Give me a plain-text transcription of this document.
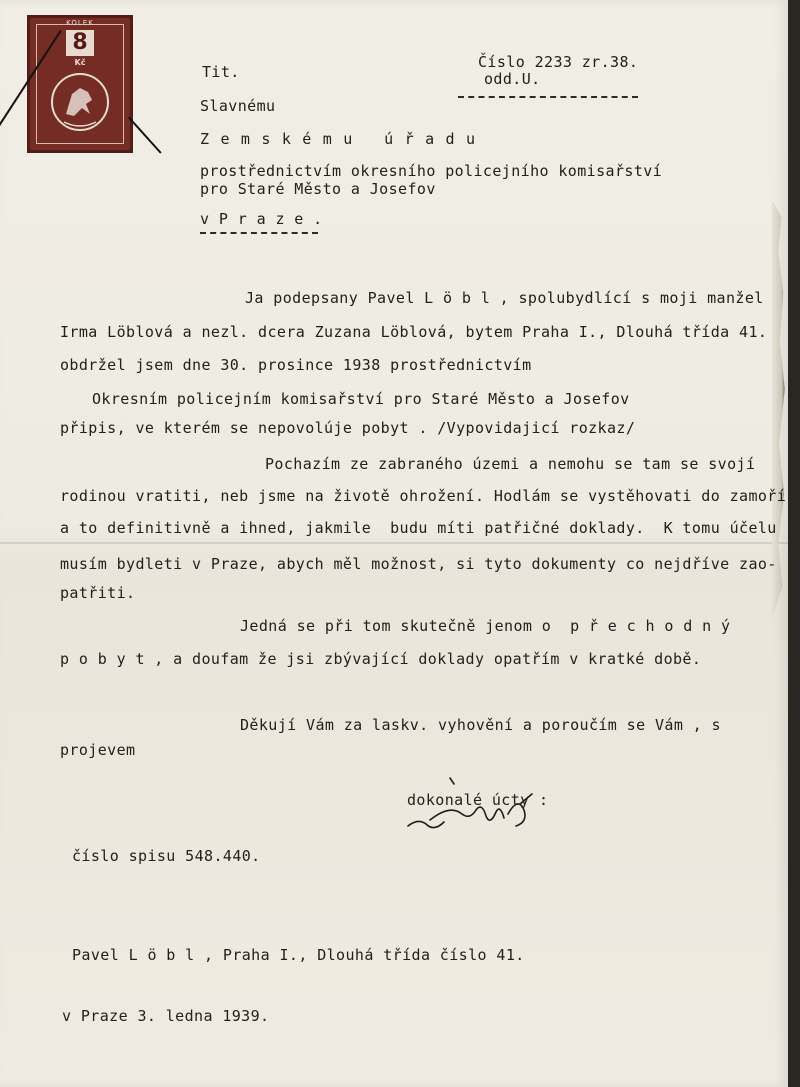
KOLEK
8
Kč	Číslo 2233 zr.38.
odd.U.
Tit.
Slavnému
Z e m s k é m u   ú ř a d u
prostřednictvím okresního policejního komisařství
pro Staré Město a Josefov
v P r a z e .
Ja podepsany Pavel L ö b l , spolubydlící s moji manžel
Irma Löblová a nezl. dcera Zuzana Löblová, bytem Praha I., Dlouhá třída 41.
obdržel jsem dne 30. prosince 1938 prostřednictvím
Okresním policejním komisařství pro Staré Město a Josefov
připis, ve kterém se nepovolúje pobyt . /Vypovidajicí rozkaz/
Pochazím ze zabraného územi a nemohu se tam se svojí
rodinou vratiti, neb jsme na životě ohrožení. Hodlám se vystěhovati do zamoří
a to definitivně a ihned, jakmile  budu míti patřičné doklady.  K tomu účelu
musím bydleti v Praze, abych měl možnost, si tyto dokumenty co nejdříve zao-
patřiti.
Jedná se při tom skutečně jenom o  p ř e c h o d n ý
p o b y t , a doufam že jsi zbývající doklady opatřím v kratké době.
Děkují Vám za laskv. vyhovění a poroučím se Vám , s
projevem
dokonalé úcty :
číslo spisu 548.440.
Pavel L ö b l , Praha I., Dlouhá třída číslo 41.
v Praze 3. ledna 1939.
